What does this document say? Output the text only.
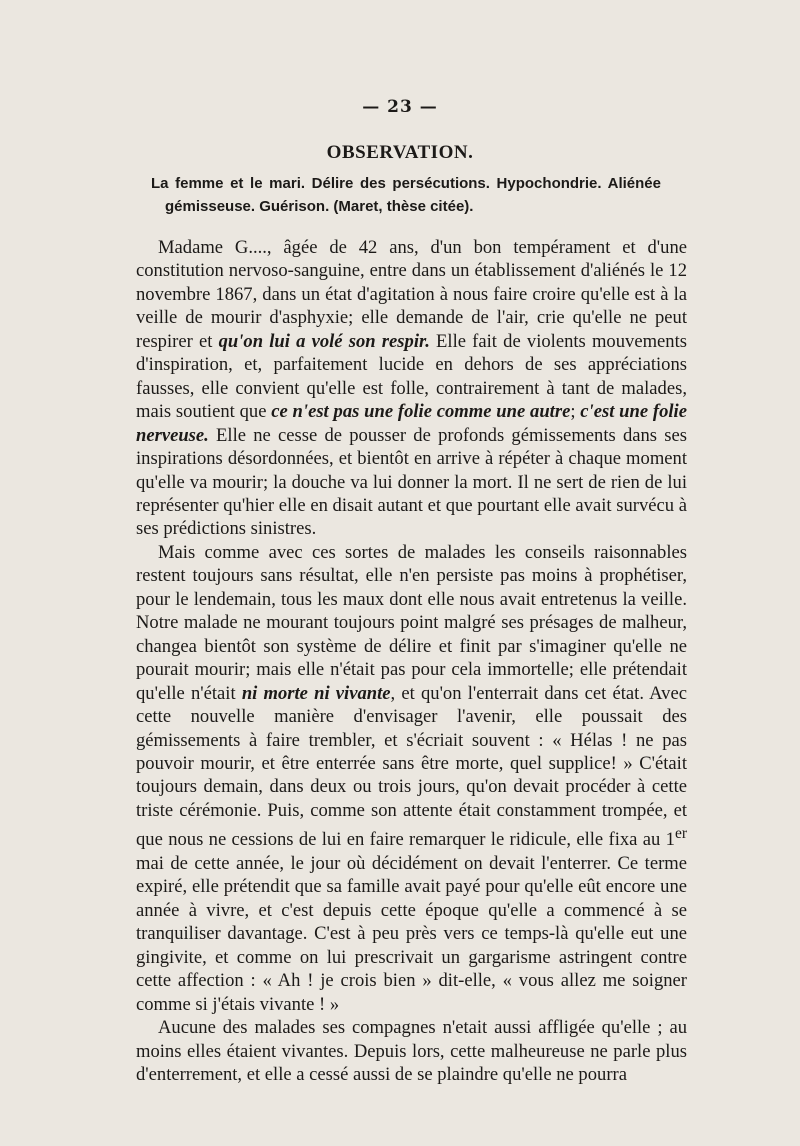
— 23 —
OBSERVATION.
La femme et le mari. Délire des persécutions. Hypochondrie. Aliénée gémisseuse. Guérison. (Maret, thèse citée).

Madame G...., âgée de 42 ans, d'un bon tempérament et d'une constitution nervoso-sanguine, entre dans un établissement d'aliénés le 12 novembre 1867, dans un état d'agitation à nous faire croire qu'elle est à la veille de mourir d'asphyxie; elle demande de l'air, crie qu'elle ne peut respirer et qu'on lui a volé son respir. Elle fait de violents mouvements d'inspiration, et, parfaitement lucide en dehors de ses appréciations fausses, elle convient qu'elle est folle, contrairement à tant de malades, mais soutient que ce n'est pas une folie comme une autre; c'est une folie nerveuse. Elle ne cesse de pousser de profonds gémissements dans ses inspirations désordonnées, et bientôt en arrive à répéter à chaque moment qu'elle va mourir; la douche va lui donner la mort. Il ne sert de rien de lui représenter qu'hier elle en disait autant et que pourtant elle avait survécu à ses prédictions sinistres.

Mais comme avec ces sortes de malades les conseils raisonnables restent toujours sans résultat, elle n'en persiste pas moins à prophétiser, pour le lendemain, tous les maux dont elle nous avait entretenus la veille. Notre malade ne mourant toujours point malgré ses présages de malheur, changea bientôt son système de délire et finit par s'imaginer qu'elle ne pourait mourir; mais elle n'était pas pour cela immortelle; elle prétendait qu'elle n'était ni morte ni vivante, et qu'on l'enterrait dans cet état. Avec cette nouvelle manière d'envisager l'avenir, elle poussait des gémissements à faire trembler, et s'écriait souvent : « Hélas ! ne pas pouvoir mourir, et être enterrée sans être morte, quel supplice! » C'était toujours demain, dans deux ou trois jours, qu'on devait procéder à cette triste cérémonie. Puis, comme son attente était constamment trompée, et que nous ne cessions de lui en faire remarquer le ridicule, elle fixa au 1er mai de cette année, le jour où décidément on devait l'enterrer. Ce terme expiré, elle prétendit que sa famille avait payé pour qu'elle eût encore une année à vivre, et c'est depuis cette époque qu'elle a commencé à se tranquiliser davantage. C'est à peu près vers ce temps-là qu'elle eut une gingivite, et comme on lui prescrivait un gargarisme astringent contre cette affection : « Ah ! je crois bien » dit-elle, « vous allez me soigner comme si j'étais vivante ! »

Aucune des malades ses compagnes n'etait aussi affligée qu'elle ; au moins elles étaient vivantes. Depuis lors, cette malheureuse ne parle plus d'enterrement, et elle a cessé aussi de se plaindre qu'elle ne pourra
